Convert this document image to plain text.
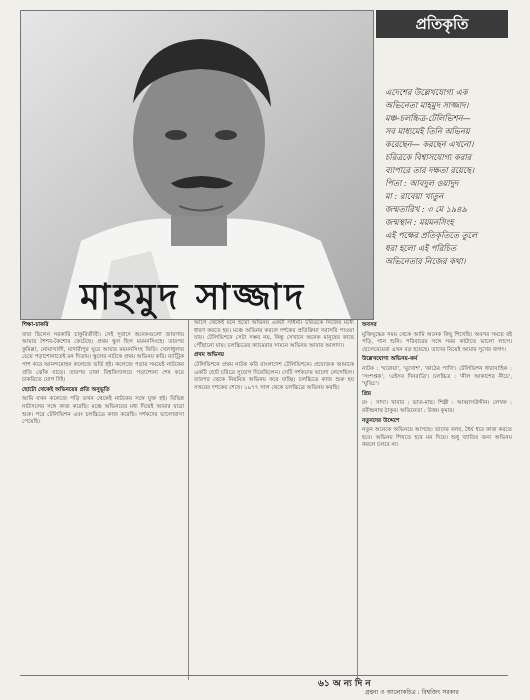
মাহমুদ সাজ্জাদ
প্রতিকৃতি

এদেশের উল্লেখযোগ্য এক

অভিনেতা মাহমুদ সাজ্জাদ।

মঞ্চ-চলচ্চিত্র-টেলিভিশন—

সব মাধ্যমেই তিনি অভিনয়

করেছেন— করছেন এখনো।

চরিত্রকে বিশ্বাসযোগ্য করার

ব্যাপারে তার দক্ষতা রয়েছে।

পিতা : আবদুল ওয়াদুদ

মা : রাবেয়া খাতুন

জন্মতারিখ : ৩ মে ১৯৪৯

জন্মস্থান : ময়মনসিংহ

এই পক্ষের প্রতিকৃতিতে তুলে

ধরা হলো এই পরিচিত

অভিনেতার নিজের কথা।

শিক্ষা-চাকরি
বাবা ছিলেন সরকারি চাকুরিজীবী। সেই সুবাদে অনেকগুলো জায়গায় আমার শৈশব-কৈশোর কেটেছে। প্রথম স্কুল ছিল ময়মনসিংহে। তারপর কুমিল্লা, নোয়াখালী, মাদারীপুর ঘুরে আবার ময়মনসিংহ ফিরি। খেলাধুলার চেয়ে পড়াশোনাতেই মন দিতাম। স্কুলের নাটকে প্রথম অভিনয় করি। ম্যাট্রিক পাশ করে আনন্দমোহন কলেজে ভর্তি হই। কলেজে পড়ার সময়েই নাটকের প্রতি ঝোঁক বাড়ে। তারপর ঢাকা বিশ্ববিদ্যালয়ে পড়াশোনা শেষ করে চাকরিতে যোগ দিই।
ছোটো থেকেই অভিনয়ের প্রতি অনুভূতি
আমি যখন কলেজে পড়ি তখন থেকেই নাটকের সঙ্গে যুক্ত হই। বিভিন্ন নাট্যদলের সঙ্গে কাজ করেছি। মঞ্চে অভিনয়ের মধ্য দিয়েই আমার যাত্রা শুরু। পরে টেলিভিশন এবং চলচ্চিত্রে কাজ করেছি। দর্শকদের ভালোবাসা পেয়েছি।
আগে থেকেই মনে হতো অভিনয় একটা সাধনা। চরিত্রকে নিজের মধ্যে ধারণ করতে হয়। মঞ্চে অভিনয় করলে দর্শকের প্রতিক্রিয়া সরাসরি পাওয়া যায়। টেলিভিশনে সেটা সম্ভব নয়, কিন্তু সেখানে অনেক মানুষের কাছে পৌঁছানো যায়। চলচ্চিত্রের ক্যামেরার সামনে অভিনয় আবার আলাদা।
প্রথম অভিনয়
টেলিভিশনে প্রথম নাটক করি বাংলাদেশ টেলিভিশনে। প্রযোজক আমাকে একটি ছোট চরিত্রে সুযোগ দিয়েছিলেন। সেটি দর্শকদের ভালো লেগেছিল। তারপর থেকে নিয়মিত অভিনয় করে যাচ্ছি। চলচ্চিত্রে কাজ শুরু হয় সত্তরের দশকের শেষে। ১৯৭৭ সাল থেকে চলচ্চিত্রে অভিনয় করছি।
অবসর
মুক্তিযুদ্ধের সময় থেকে আমি অনেক কিছু শিখেছি। অবসর সময়ে বই পড়ি, গান শুনি। পরিবারের সঙ্গে সময় কাটাতে ভালো লাগে। ছেলেমেয়েরা এখন বড় হয়েছে। তাদের নিয়েই আমার সুখের জগৎ।
উল্লেখযোগ্য অভিনয়-কর্ম
নাটক : 'ঘরোয়া', 'মুখোশ', 'কাঠের পাখি'। টেলিভিশন ধারাবাহিক : 'সংশপ্তক', 'এইসব দিনরাত্রি'। চলচ্চিত্র : 'নীল আকাশের নীচে', 'ঘুড্ডি'।
প্রিয়
রং : সাদা। খাবার : ভাত-মাছ। শিল্পী : আব্বাসউদ্দীন। লেখক : রবীন্দ্রনাথ ঠাকুর। অভিনেতা : উত্তম কুমার।
নতুনদের উদ্দেশে
নতুন অনেকে অভিনয়ে আসছে। তাদের বলব, ধৈর্য ধরে কাজ করতে হবে। অভিনয় শিখতে হবে মন দিয়ে। শুধু খ্যাতির জন্য অভিনয় করলে চলবে না।
৬১ অ ন্য দি ন
গ্রন্থনা ও আলোকচিত্র : বিশ্বজিৎ সরকার
